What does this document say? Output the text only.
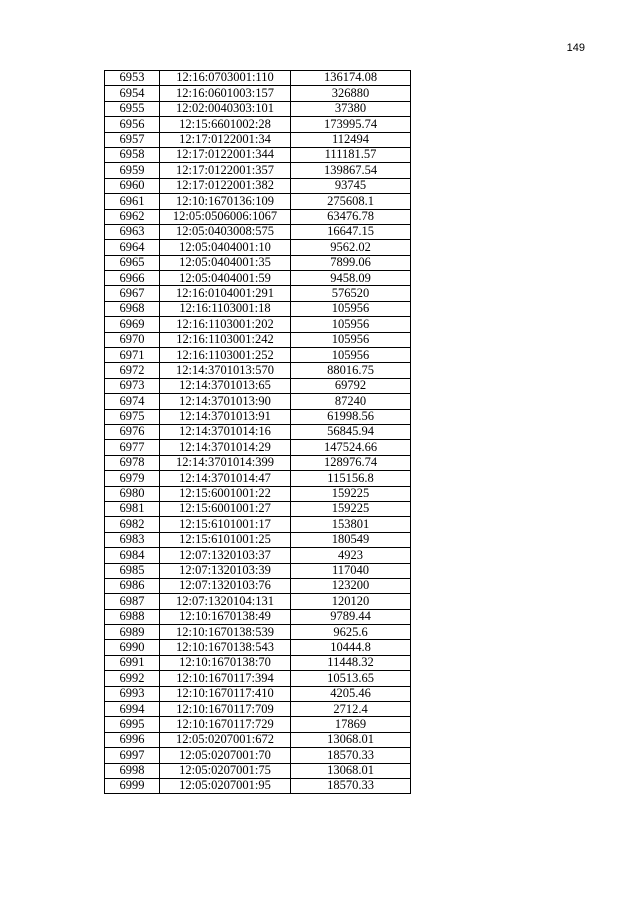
149
6953	12:16:0703001:110	136174.08
6954	12:16:0601003:157	326880
6955	12:02:0040303:101	37380
6956	12:15:6601002:28	173995.74
6957	12:17:0122001:34	112494
6958	12:17:0122001:344	111181.57
6959	12:17:0122001:357	139867.54
6960	12:17:0122001:382	93745
6961	12:10:1670136:109	275608.1
6962	12:05:0506006:1067	63476.78
6963	12:05:0403008:575	16647.15
6964	12:05:0404001:10	9562.02
6965	12:05:0404001:35	7899.06
6966	12:05:0404001:59	9458.09
6967	12:16:0104001:291	576520
6968	12:16:1103001:18	105956
6969	12:16:1103001:202	105956
6970	12:16:1103001:242	105956
6971	12:16:1103001:252	105956
6972	12:14:3701013:570	88016.75
6973	12:14:3701013:65	69792
6974	12:14:3701013:90	87240
6975	12:14:3701013:91	61998.56
6976	12:14:3701014:16	56845.94
6977	12:14:3701014:29	147524.66
6978	12:14:3701014:399	128976.74
6979	12:14:3701014:47	115156.8
6980	12:15:6001001:22	159225
6981	12:15:6001001:27	159225
6982	12:15:6101001:17	153801
6983	12:15:6101001:25	180549
6984	12:07:1320103:37	4923
6985	12:07:1320103:39	117040
6986	12:07:1320103:76	123200
6987	12:07:1320104:131	120120
6988	12:10:1670138:49	9789.44
6989	12:10:1670138:539	9625.6
6990	12:10:1670138:543	10444.8
6991	12:10:1670138:70	11448.32
6992	12:10:1670117:394	10513.65
6993	12:10:1670117:410	4205.46
6994	12:10:1670117:709	2712.4
6995	12:10:1670117:729	17869
6996	12:05:0207001:672	13068.01
6997	12:05:0207001:70	18570.33
6998	12:05:0207001:75	13068.01
6999	12:05:0207001:95	18570.33
